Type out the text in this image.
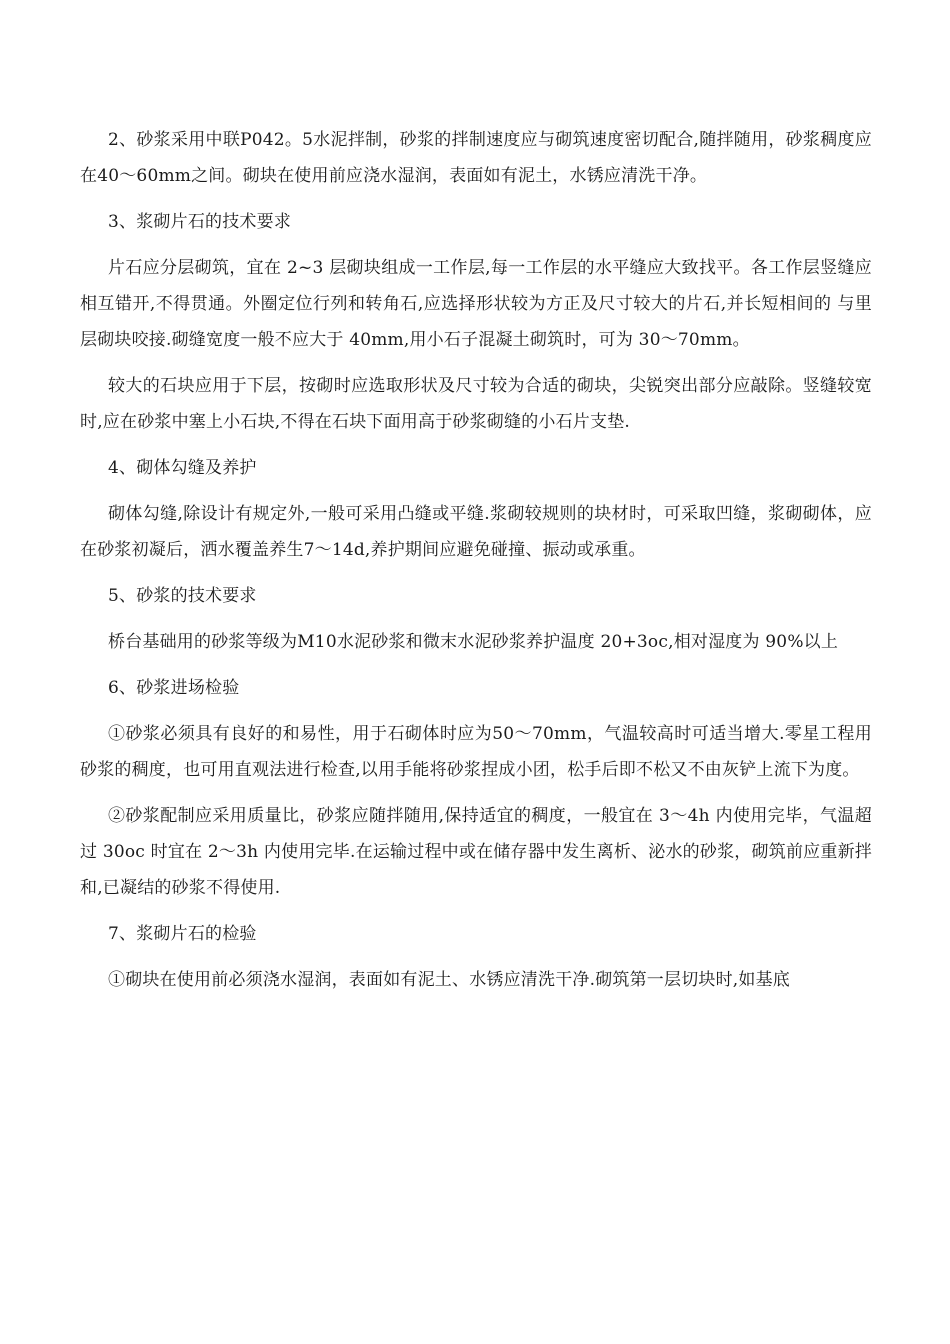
2、砂浆采用中联P042。5水泥拌制，砂浆的拌制速度应与砌筑速度密切配合,随拌随用，砂浆稠度应在40～60mm之间。砌块在使用前应浇水湿润，表面如有泥土，水锈应清洗干净。

3、浆砌片石的技术要求

片石应分层砌筑，宜在 2~3 层砌块组成一工作层,每一工作层的水平缝应大致找平。各工作层竖缝应相互错开,不得贯通。外圈定位行列和转角石,应选择形状较为方正及尺寸较大的片石,并长短相间的 与里层砌块咬接.砌缝宽度一般不应大于 40mm,用小石子混凝土砌筑时，可为 30～70mm。

较大的石块应用于下层，按砌时应选取形状及尺寸较为合适的砌块，尖锐突出部分应敲除。竖缝较宽时,应在砂浆中塞上小石块,不得在石块下面用高于砂浆砌缝的小石片支垫.

4、砌体勾缝及养护

砌体勾缝,除设计有规定外,一般可采用凸缝或平缝.浆砌较规则的块材时，可采取凹缝，浆砌砌体，应在砂浆初凝后，洒水覆盖养生7～14d,养护期间应避免碰撞、振动或承重。

5、砂浆的技术要求

桥台基础用的砂浆等级为M10水泥砂浆和微末水泥砂浆养护温度 20+3oc,相对湿度为 90%以上

6、砂浆进场检验

①砂浆必须具有良好的和易性，用于石砌体时应为50～70mm，气温较高时可适当增大.零星工程用砂浆的稠度，也可用直观法进行检查,以用手能将砂浆捏成小团，松手后即不松又不由灰铲上流下为度。

②砂浆配制应采用质量比，砂浆应随拌随用,保持适宜的稠度，一般宜在 3～4h 内使用完毕，气温超过 30oc 时宜在 2～3h 内使用完毕.在运输过程中或在储存器中发生离析、泌水的砂浆，砌筑前应重新拌和,已凝结的砂浆不得使用.

7、浆砌片石的检验

①砌块在使用前必须浇水湿润，表面如有泥土、水锈应清洗干净.砌筑第一层切块时,如基底
